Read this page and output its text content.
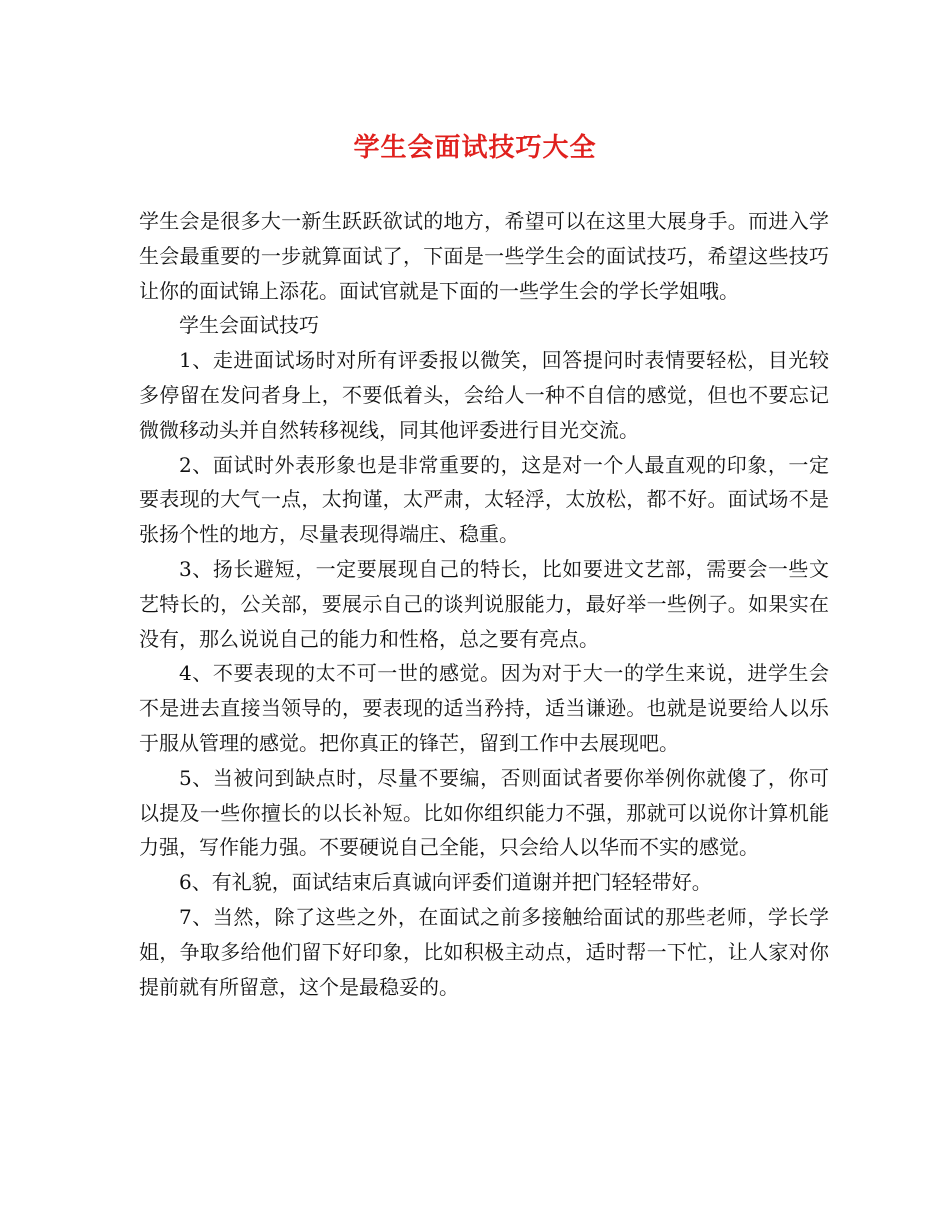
学生会面试技巧大全

学生会是很多大一新生跃跃欲试的地方，希望可以在这里大展身手。而进入学生会最重要的一步就算面试了，下面是一些学生会的面试技巧，希望这些技巧让你的面试锦上添花。面试官就是下面的一些学生会的学长学姐哦。

学生会面试技巧

1、走进面试场时对所有评委报以微笑，回答提问时表情要轻松，目光较多停留在发问者身上，不要低着头，会给人一种不自信的感觉，但也不要忘记微微移动头并自然转移视线，同其他评委进行目光交流。

2、面试时外表形象也是非常重要的，这是对一个人最直观的印象，一定要表现的大气一点，太拘谨，太严肃，太轻浮，太放松，都不好。面试场不是张扬个性的地方，尽量表现得端庄、稳重。

3、扬长避短，一定要展现自己的特长，比如要进文艺部，需要会一些文艺特长的，公关部，要展示自己的谈判说服能力，最好举一些例子。如果实在没有，那么说说自己的能力和性格，总之要有亮点。

4、不要表现的太不可一世的感觉。因为对于大一的学生来说，进学生会不是进去直接当领导的，要表现的适当矜持，适当谦逊。也就是说要给人以乐于服从管理的感觉。把你真正的锋芒，留到工作中去展现吧。

5、当被问到缺点时，尽量不要编，否则面试者要你举例你就傻了，你可以提及一些你擅长的以长补短。比如你组织能力不强，那就可以说你计算机能力强，写作能力强。不要硬说自己全能，只会给人以华而不实的感觉。

6、有礼貌，面试结束后真诚向评委们道谢并把门轻轻带好。

7、当然，除了这些之外，在面试之前多接触给面试的那些老师，学长学姐，争取多给他们留下好印象，比如积极主动点，适时帮一下忙，让人家对你提前就有所留意，这个是最稳妥的。
